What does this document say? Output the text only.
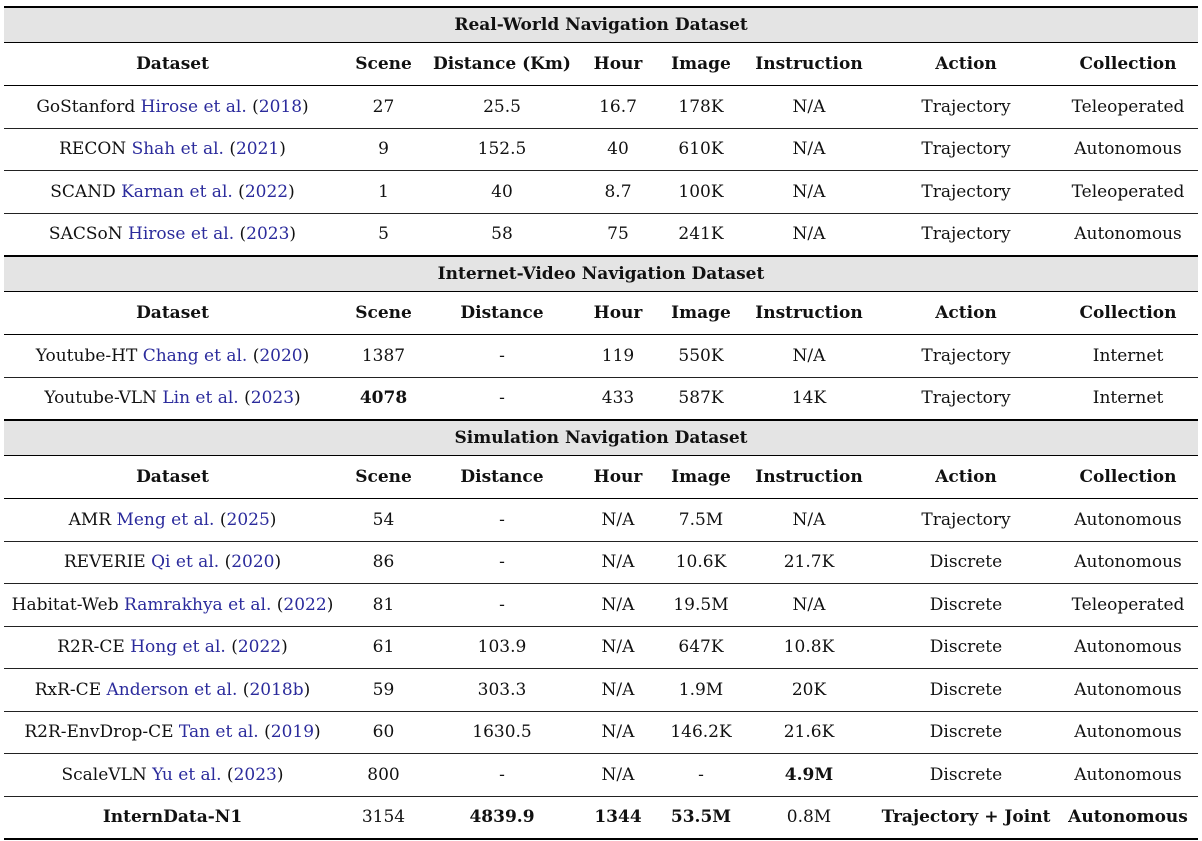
Real-World Navigation Dataset							
Dataset	Scene	Distance (Km)	Hour	Image	Instruction	Action	Collection
GoStanford Hirose et al. (2018)	27	25.5	16.7	178K	N/A	Trajectory	Teleoperated
RECON Shah et al. (2021)	9	152.5	40	610K	N/A	Trajectory	Autonomous
SCAND Karnan et al. (2022)	1	40	8.7	100K	N/A	Trajectory	Teleoperated
SACSoN Hirose et al. (2023)	5	58	75	241K	N/A	Trajectory	Autonomous
Internet-Video Navigation Dataset							
Dataset	Scene	Distance	Hour	Image	Instruction	Action	Collection
Youtube-HT Chang et al. (2020)	1387	-	119	550K	N/A	Trajectory	Internet
Youtube-VLN Lin et al. (2023)	4078	-	433	587K	14K	Trajectory	Internet
Simulation Navigation Dataset							
Dataset	Scene	Distance	Hour	Image	Instruction	Action	Collection
AMR Meng et al. (2025)	54	-	N/A	7.5M	N/A	Trajectory	Autonomous
REVERIE Qi et al. (2020)	86	-	N/A	10.6K	21.7K	Discrete	Autonomous
Habitat-Web Ramrakhya et al. (2022)	81	-	N/A	19.5M	N/A	Discrete	Teleoperated
R2R-CE Hong et al. (2022)	61	103.9	N/A	647K	10.8K	Discrete	Autonomous
RxR-CE Anderson et al. (2018b)	59	303.3	N/A	1.9M	20K	Discrete	Autonomous
R2R-EnvDrop-CE Tan et al. (2019)	60	1630.5	N/A	146.2K	21.6K	Discrete	Autonomous
ScaleVLN Yu et al. (2023)	800	-	N/A	-	4.9M	Discrete	Autonomous
InternData-N1	3154	4839.9	1344	53.5M	0.8M	Trajectory + Joint	Autonomous
